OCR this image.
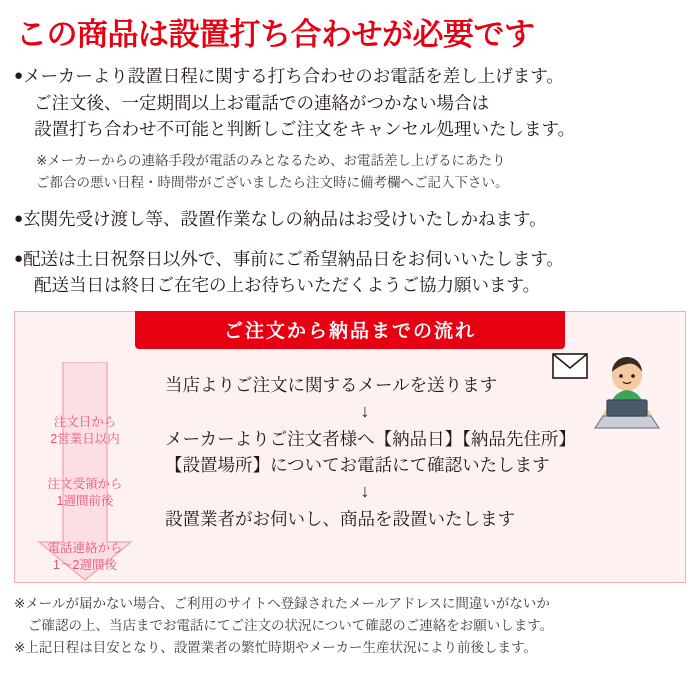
この商品は設置打ち合わせが必要です
●メーカーより設置日程に関する打ち合わせのお電話を差し上げます。
ご注文後、一定期間以上お電話での連絡がつかない場合は
設置打ち合わせ不可能と判断しご注文をキャンセル処理いたします。
※メーカーからの連絡手段が電話のみとなるため、お電話差し上げるにあたり
ご都合の悪い日程・時間帯がございましたら注文時に備考欄へご記入下さい。
●玄関先受け渡し等、設置作業なしの納品はお受けいたしかねます。
●配送は土日祝祭日以外で、事前にご希望納品日をお伺いいたします。
配送当日は終日ご在宅の上お待ちいただくようご協力願います。
ご注文から納品までの流れ
注文日から
2営業日以内
注文受領から
1週間前後
電話連絡から
1～2週間後
当店よりご注文に関するメールを送ります
↓
メーカーよりご注文者様へ【納品日】【納品先住所】
【設置場所】についてお電話にて確認いたします
↓
設置業者がお伺いし、商品を設置いたします
※メールが届かない場合、ご利用のサイトへ登録されたメールアドレスに間違いがないか
ご確認の上、当店までお電話にてご注文の状況について確認のご連絡をお願いします。
※上記日程は目安となり、設置業者の繁忙時期やメーカー生産状況により前後します。
